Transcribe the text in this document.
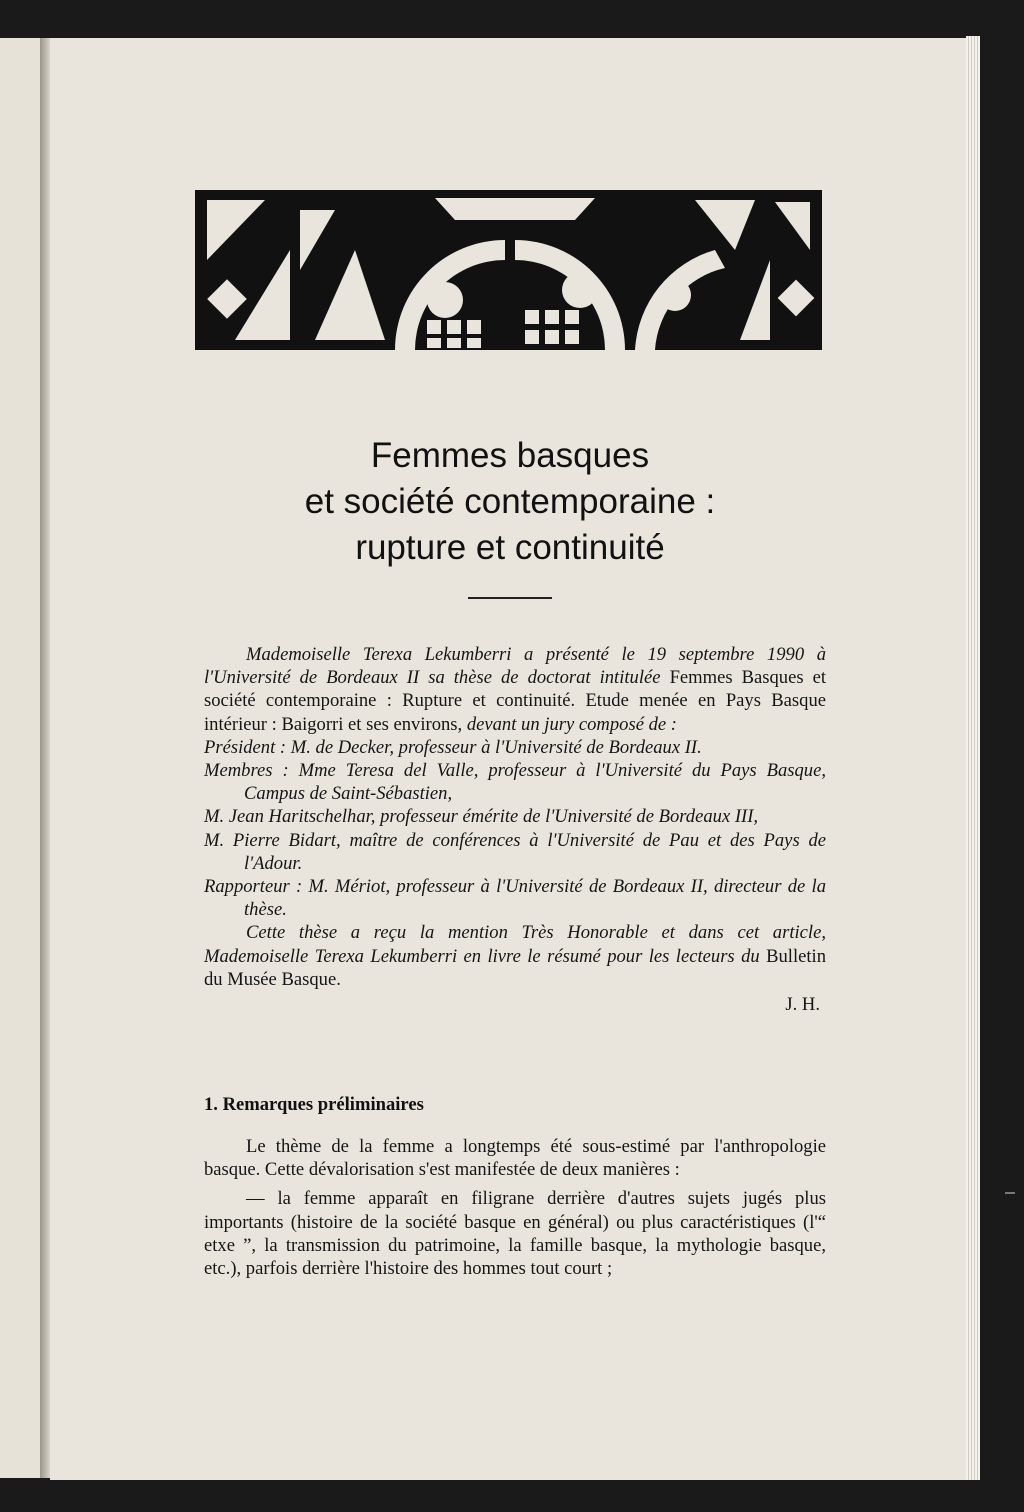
Femmes basques
et société contemporaine :
rupture et continuité

Mademoiselle Terexa Lekumberri a présenté le 19 septembre 1990 à l'Université de Bordeaux II sa thèse de doctorat intitulée Femmes Basques et société contemporaine : Rupture et continuité. Etude menée en Pays Basque intérieur : Baigorri et ses environs, devant un jury composé de :

Président : M. de Decker, professeur à l'Université de Bordeaux II.

Membres : Mme Teresa del Valle, professeur à l'Université du Pays Basque, Campus de Saint-Sébastien,

M. Jean Haritschelhar, professeur émérite de l'Université de Bordeaux III,

M. Pierre Bidart, maître de conférences à l'Université de Pau et des Pays de l'Adour.

Rapporteur : M. Mériot, professeur à l'Université de Bordeaux II, directeur de la thèse.

Cette thèse a reçu la mention Très Honorable et dans cet article, Mademoiselle Terexa Lekumberri en livre le résumé pour les lecteurs du Bulletin du Musée Basque.

J. H.

1. Remarques préliminaires

Le thème de la femme a longtemps été sous-estimé par l'anthropologie basque. Cette dévalorisation s'est manifestée de deux manières :

— la femme apparaît en filigrane derrière d'autres sujets jugés plus importants (histoire de la société basque en général) ou plus caractéristiques (l'“ etxe ”, la transmission du patrimoine, la famille basque, la mythologie basque, etc.), parfois derrière l'histoire des hommes tout court ;
